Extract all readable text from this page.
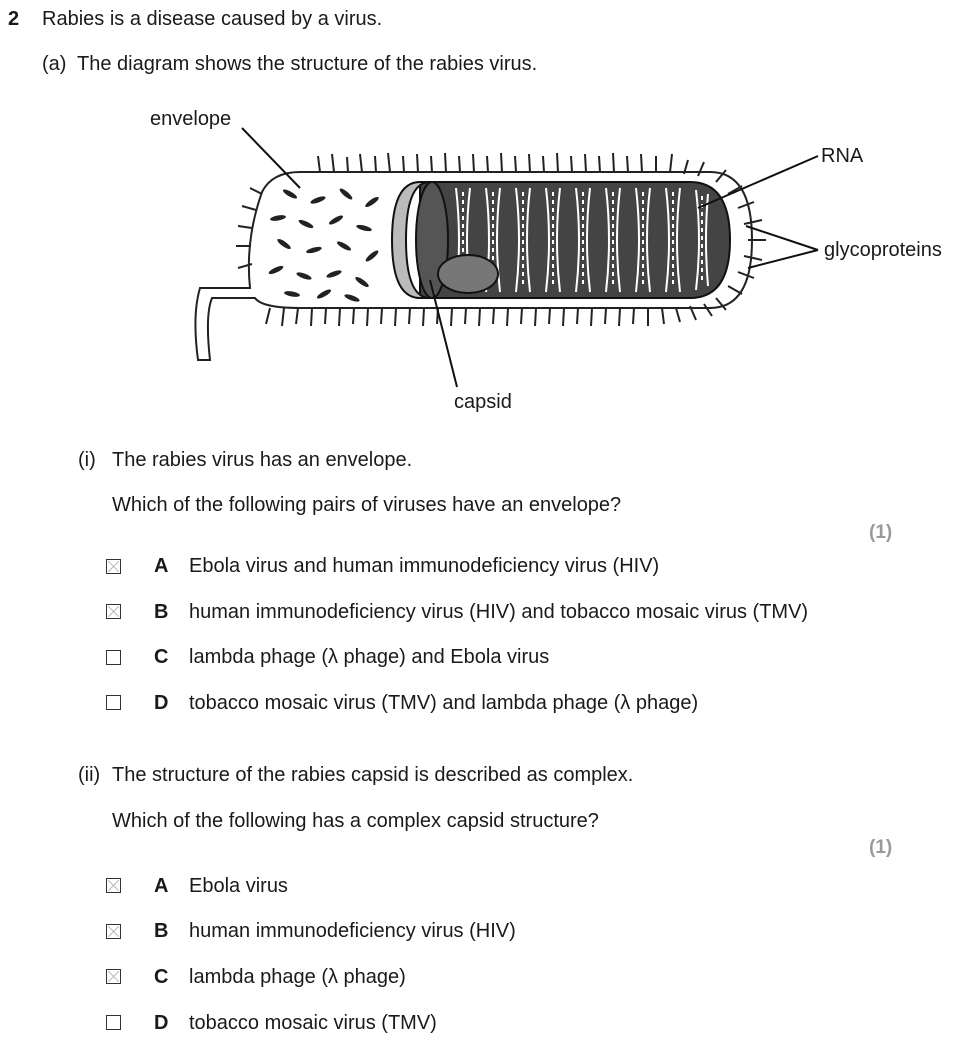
2 Rabies is a disease caused by a virus.
(a) The diagram shows the structure of the rabies virus.
envelope
RNA
glycoproteins
capsid
(i) The rabies virus has an envelope.
Which of the following pairs of viruses have an envelope?
(1)
A Ebola virus and human immunodeficiency virus (HIV)
B human immunodeficiency virus (HIV) and tobacco mosaic virus (TMV)
C lambda phage (λ phage) and Ebola virus
D tobacco mosaic virus (TMV) and lambda phage (λ phage)
(ii) The structure of the rabies capsid is described as complex.
Which of the following has a complex capsid structure?
(1)
A Ebola virus
B human immunodeficiency virus (HIV)
C lambda phage (λ phage)
D tobacco mosaic virus (TMV)
